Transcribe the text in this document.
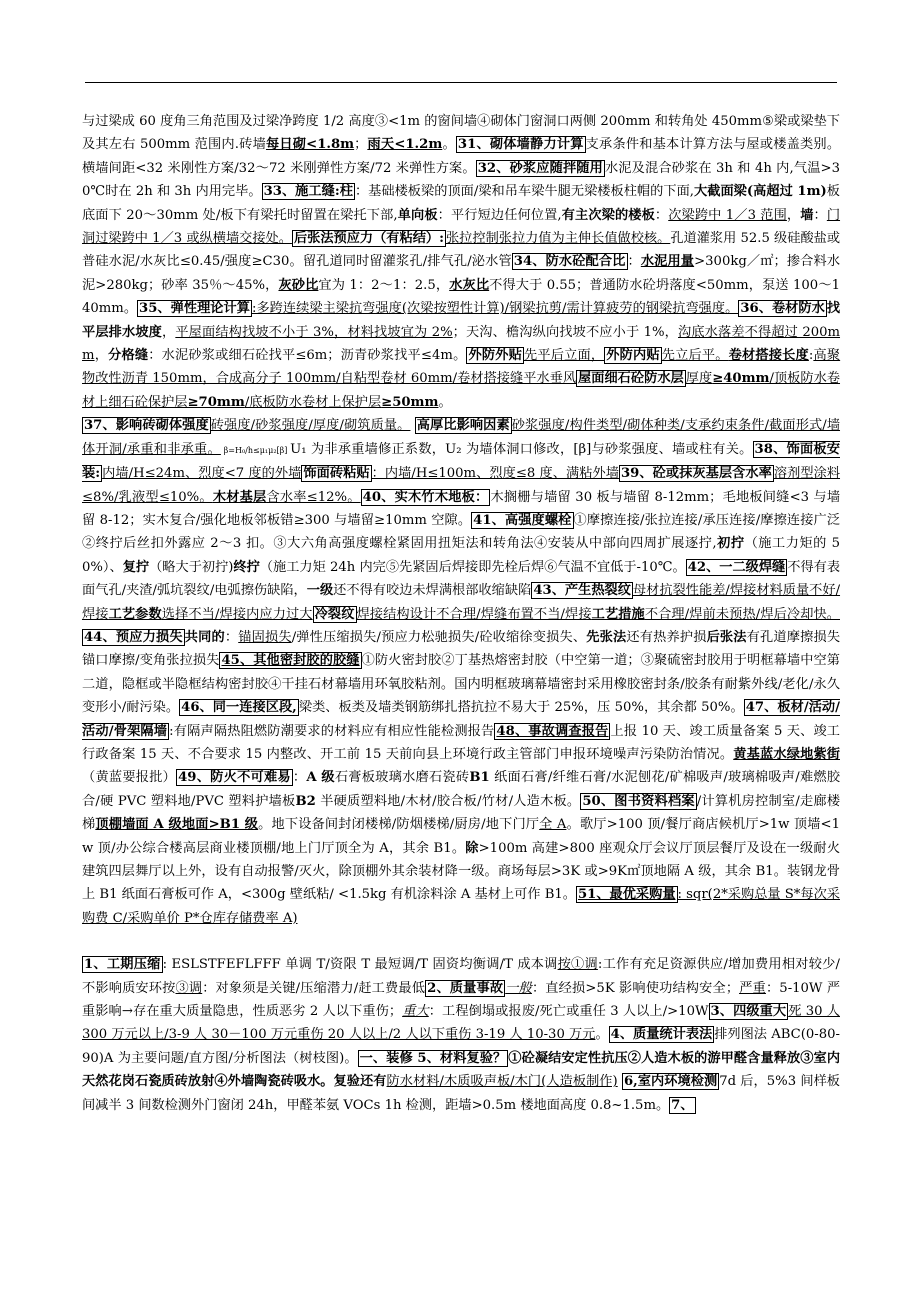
与过梁成 60 度角三角范围及过梁净跨度 1/2 高度③<1m 的窗间墙④砌体门窗洞口两侧 200mm 和转角处 450mm⑤梁或梁垫下及其左右 500mm 范围内.砖墙每日砌<1.8m；雨天<1.2m。 31、砌体墙静力计算 支承条件和基本计算方法与屋或楼盖类别。横墙间距<32 米刚性方案/32～72 米刚弹性方案/72 米弹性方案。 32、砂浆应随拌随用 水泥及混合砂浆在 3h 和 4h 内,气温>30℃时在 2h 和 3h 内用完毕。 33、施工缝:柱 ：基础楼板梁的顶面/梁和吊车梁牛腿无梁楼板柱帽的下面,大截面梁(高超过 1m)板底面下 20～30mm 处/板下有梁托时留置在梁托下部,单向板：平行短边任何位置,有主次梁的楼板：次梁跨中 1／3 范围，墙：门洞过梁跨中 1／3 或纵横墙交接处。 后张法预应力（有粘结）: 张拉控制张拉力值为主伸长值做校核。孔道灌浆用 52.5 级硅酸盐或普硅水泥/水灰比≤0.45/强度≥C30。留孔道同时留灌浆孔/排气孔/泌水管 34、防水砼配合比 ：水泥用量>300kg／㎡；掺合料水泥>280kg；砂率 35％～45%，灰砂比宜为 1：2～1：2.5，水灰比不得大于 0.55；普通防水砼坍落度<50mm，泵送 100～140mm。 35、弹性理论计算 :多跨连续梁主梁抗弯强度(次梁按塑性计算)/钢梁抗剪/需计算疲劳的钢梁抗弯强度。 36、卷材防水 找平层排水坡度，平屋面结构找坡不小于 3%，材料找坡宜为 2%；天沟、檐沟纵向找坡不应小于 1%，沟底水落差不得超过 200mm，分格缝：水泥砂浆或细石砼找平≤6m；沥青砂浆找平≤4m。 外防外贴 先平后立面， 外防内贴 先立后平。卷材搭接长度:高聚物改性沥青 150mm，合成高分子 100mm/自粘型卷材 60mm/卷材搭接缝平水垂风 屋面细石砼防水层 厚度≥40mm/顶板防水卷材上细石砼保护层≥70mm/底板防水卷材上保护层≥50mm。

37、影响砖砌体强度 砖强度/砂浆强度/厚度/砌筑质量。 高厚比影响因素 砂浆强度/构件类型/砌体种类/支承约束条件/截面形式/墙体开洞/承重和非承重。 β=H₀/h≤μ₁μ₂[β] U₁ 为非承重墙修正系数，U₂ 为墙体洞口修改，[β]与砂浆强度、墙或柱有关。 38、饰面板安装: 内墙/H≤24m、烈度<7 度的外墙 饰面砖粘贴 ：内墙/H≤100m、烈度≤8 度、满粘外墙 39、砼或抹灰基层含水率 溶剂型涂料≤8%/乳液型≤10%。木材基层含水率≤12%。 40、实木竹木地板： 木搁栅与墙留 30 板与墙留 8-12mm；毛地板间缝<3 与墙留 8-12；实木复合/强化地板邻板错≥300 与墙留≥10mm 空隙。 41、高强度螺栓 ①摩擦连接/张拉连接/承压连接/摩擦连接广泛②终拧后丝扣外露应 2～3 扣。③大六角高强度螺栓紧固用扭矩法和转角法④安装从中部向四周扩展逐拧,初拧（施工力矩的 50%）、复拧（略大于初拧)终拧（施工力矩 24h 内完⑤先紧固后焊接即先栓后焊⑥气温不宜低于-10℃。 42、一二级焊缝 不得有表面气孔/夹渣/弧坑裂纹/电弧擦伤缺陷，一级还不得有咬边未焊满根部收缩缺陷 43、产生热裂纹 母材抗裂性能差/焊接材料质量不好/焊接工艺参数选择不当/焊接内应力过大 冷裂纹 焊接结构设计不合理/焊缝布置不当/焊接工艺措施不合理/焊前未预热/焊后冷却快。44、预应力损失 共同的：锚固损失/弹性压缩损失/预应力松驰损失/砼收缩徐变损失、先张法还有热养护损后张法有孔道摩擦损失锚口摩擦/变角张拉损失 45、其他密封胶的胶缝 ①防火密封胶②丁基热熔密封胶（中空第一道；③聚硫密封胶用于明框幕墙中空第二道，隐框或半隐框结构密封胶④干挂石材幕墙用环氧胶粘剂。国内明框玻璃幕墙密封采用橡胶密封条/胶条有耐紫外线/老化/永久变形小/耐污染。 46、同一连接区段, 梁类、板类及墙类钢筋绑扎搭抗拉不易大于 25%，压 50%，其余都 50%。 47、板材/活动/活动/骨架隔墙 :有隔声隔热阻燃防潮要求的材料应有相应性能检测报告 48、事故调查报告 上报 10 天、竣工质量备案 5 天、竣工行政备案 15 天、不合要求 15 内整改、开工前 15 天前向县上环境行政主管部门申报环境噪声污染防治情况。黄基蓝水绿地紫街（黄蓝要报批） 49、防火不可难易 ：A 级石膏板玻璃水磨石瓷砖B1 纸面石膏/纤维石膏/水泥刨花/矿棉吸声/玻璃棉吸声/难燃胶合/硬 PVC 塑料地/PVC 塑料护墙板B2 半硬质塑料地/木材/胶合板/竹材/人造木板。 50、图书资料档案 /计算机房控制室/走廊楼梯顶棚墙面 A 级地面>B1 级。地下设备间封闭楼梯/防烟楼梯/厨房/地下门厅全 A。歌厅>100 顶/餐厅商店候机厅>1w 顶墙<1w 顶/办公综合楼高层商业楼顶棚/地上门厅顶全为 A，其余 B1。除>100m 高建>800 座观众厅会议厅顶层餐厅及设在一级耐火建筑四层舞厅以上外，设有自动报警/灭火，除顶棚外其余装材降一级。商场每层>3K 或>9K㎡顶地隔 A 级，其余 B1。装钢龙骨上 B1 纸面石膏板可作 A，<300g 壁纸粘/ <1.5kg 有机涂料涂 A 基材上可作 B1。 51、最优采购量 : sqr(2*采购总量 S*每次采购费 C/采购单价 P*仓库存储费率 A)

1、工期压缩 : ESLSTFEFLFFF 单调 T/资限 T 最短调/T 固资均衡调/T 成本调按①调:工作有充足资源供应/增加费用相对较少/不影响质安环按③调：对象须是关键/压缩潜力/赶工费最低 2、质量事故 一般：直经损>5K 影响使功结构安全；严重：5-10W 严重影响→存在重大质量隐患，性质恶劣 2 人以下重伤；重大：工程倒塌或报废/死亡或重任 3 人以上/>10W 3、四级重大 死 30 人 300 万元以上/3-9 人 30－100 万元重伤 20 人以上/2 人以下重伤 3-19 人 10-30 万元。 4、质量统计表法 排列图法 ABC(0-80-90)A 为主要问题/直方图/分析图法（树枝图)。 一、装修 5、材料复验？ ①砼凝结安定性抗压②人造木板的游甲醛含量释放③室内天然花岗石瓷质砖放射④外墙陶瓷砖吸水。复验还有防水材料/木质吸声板/木门(人造板制作) 6,室内环境检测 7d 后，5%3 间样板间减半 3 间数检测外门窗闭 24h，甲醛苯氨 VOCs 1h 检测，距墙>0.5m 楼地面高度 0.8~1.5m。 7、
